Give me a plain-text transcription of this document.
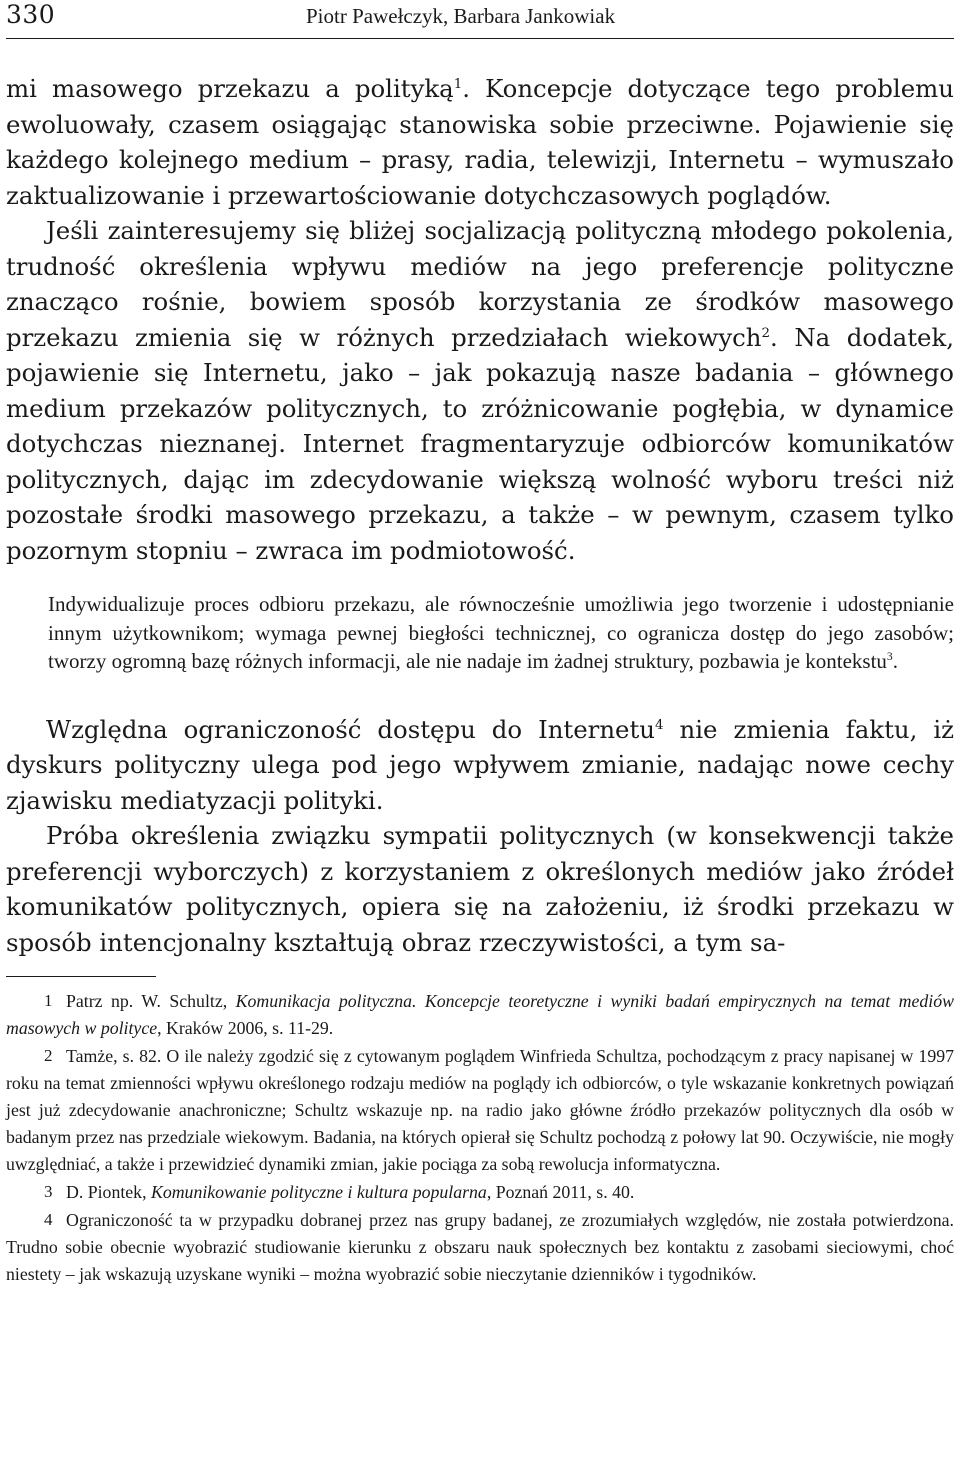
330	Piotr Pawełczyk, Barbara Jankowiak

mi masowego przekazu a polityką$^1$. Koncepcje dotyczące tego problemu ewoluowały, czasem osiągając stanowiska sobie przeciwne. Pojawienie się każdego kolejnego medium – prasy, radia, telewizji, Internetu – wymuszało zaktualizowanie i przewartościowanie dotychczasowych poglądów.

Jeśli zainteresujemy się bliżej socjalizacją polityczną młodego pokolenia, trudność określenia wpływu mediów na jego preferencje polityczne znacząco rośnie, bowiem sposób korzystania ze środków masowego przekazu zmienia się w różnych przedziałach wiekowych$^2$. Na dodatek, pojawienie się Internetu, jako – jak pokazują nasze badania – głównego medium przekazów politycznych, to zróżnicowanie pogłębia, w dynamice dotychczas nieznanej. Internet fragmentaryzuje odbiorców komunikatów politycznych, dając im zdecydowanie większą wolność wyboru treści niż pozostałe środki masowego przekazu, a także – w pewnym, czasem tylko pozornym stopniu – zwraca im podmiotowość.

Indywidualizuje proces odbioru przekazu, ale równocześnie umożliwia jego tworzenie i udostępnianie innym użytkownikom; wymaga pewnej biegłości technicznej, co ogranicza dostęp do jego zasobów; tworzy ogromną bazę różnych informacji, ale nie nadaje im żadnej struktury, pozbawia je kontekstu$^3$.

Względna ograniczoność dostępu do Internetu$^4$ nie zmienia faktu, iż dyskurs polityczny ulega pod jego wpływem zmianie, nadając nowe cechy zjawisku mediatyzacji polityki.

Próba określenia związku sympatii politycznych (w konsekwencji także preferencji wyborczych) z korzystaniem z określonych mediów jako źródeł komunikatów politycznych, opiera się na założeniu, iż środki przekazu w sposób intencjonalny kształtują obraz rzeczywistości, a tym sa-

1 Patrz np. W. Schultz, Komunikacja polityczna. Koncepcje teoretyczne i wyniki badań empirycznych na temat mediów masowych w polityce, Kraków 2006, s. 11-29.

2 Tamże, s. 82. O ile należy zgodzić się z cytowanym poglądem Winfrieda Schultza, pochodzącym z pracy napisanej w 1997 roku na temat zmienności wpływu określonego rodzaju mediów na poglądy ich odbiorców, o tyle wskazanie konkretnych powiązań jest już zdecydowanie anachroniczne; Schultz wskazuje np. na radio jako główne źródło przekazów politycznych dla osób w badanym przez nas przedziale wiekowym. Badania, na których opierał się Schultz pochodzą z połowy lat 90. Oczywiście, nie mogły uwzględniać, a także i przewidzieć dynamiki zmian, jakie pociąga za sobą rewolucja informatyczna.

3 D. Piontek, Komunikowanie polityczne i kultura popularna, Poznań 2011, s. 40.

4 Ograniczoność ta w przypadku dobranej przez nas grupy badanej, ze zrozumiałych względów, nie została potwierdzona. Trudno sobie obecnie wyobrazić studiowanie kierunku z obszaru nauk społecznych bez kontaktu z zasobami sieciowymi, choć niestety – jak wskazują uzyskane wyniki – można wyobrazić sobie nieczytanie dzienników i tygodników.
